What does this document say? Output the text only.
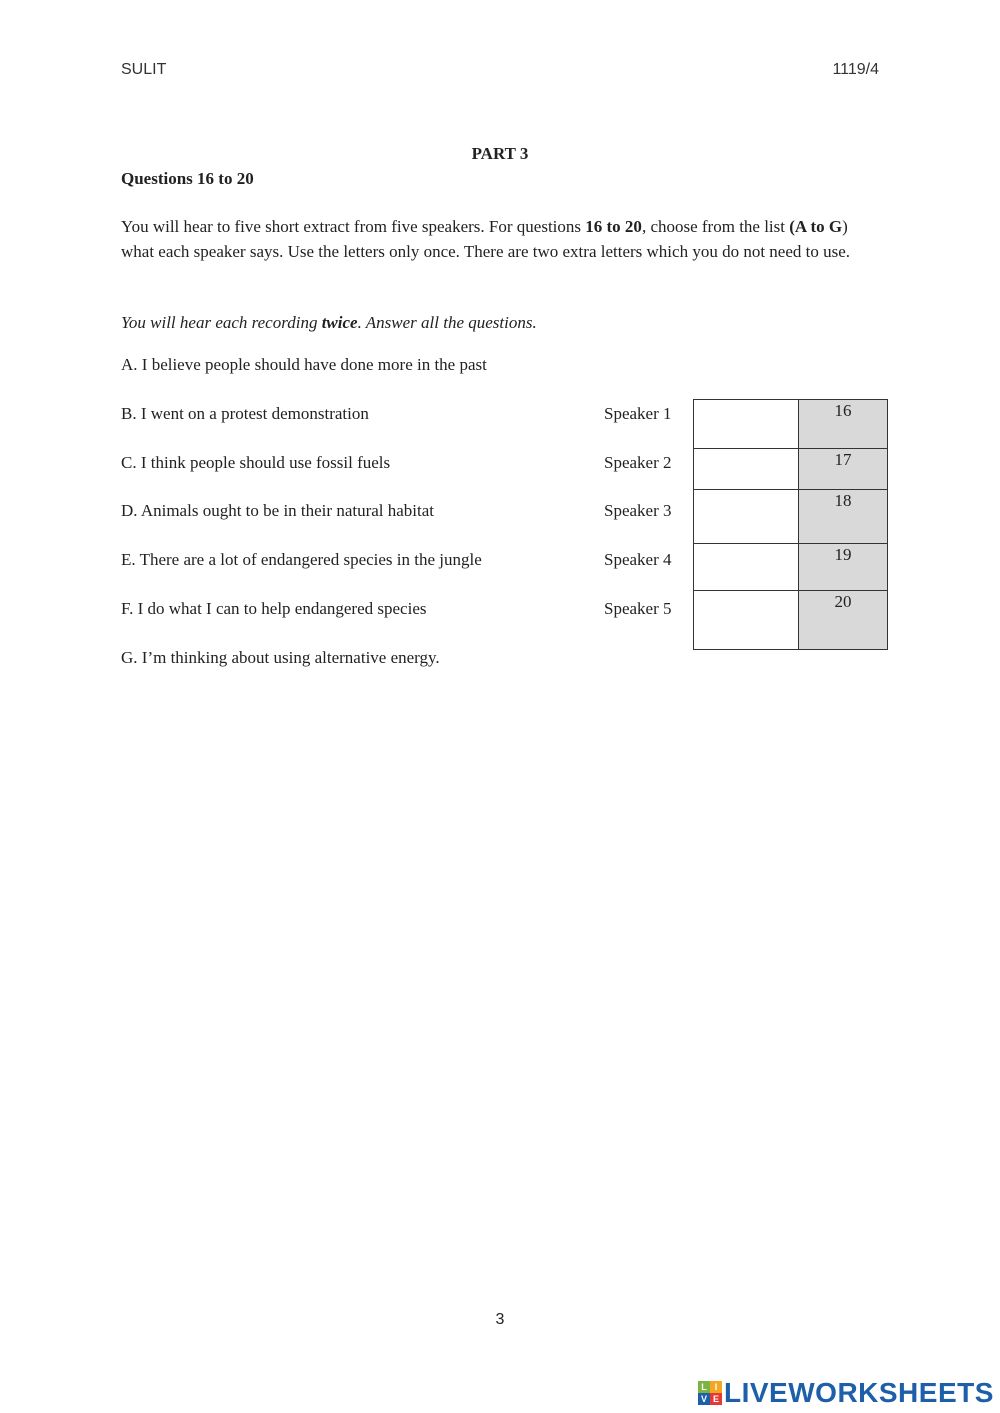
SULIT	1119/4
PART 3
Questions 16 to 20
You will hear to five short extract from five speakers. For questions 16 to 20, choose from the list (A to G) what each speaker says. Use the letters only once. There are two extra letters which you do not need to use.
You will hear each recording twice. Answer all the questions.
A. I believe people should have done more in the past
B. I went on a protest demonstration
C. I think people should use fossil fuels
D. Animals ought to be in their natural habitat
E. There are a lot of endangered species in the jungle
F. I do what I can to help endangered species
G. I’m thinking about using alternative energy.
Speaker 1
Speaker 2
Speaker 3
Speaker 4
Speaker 5
16
17
18
19
20
3
L I
V E LIVEWORKSHEETS
